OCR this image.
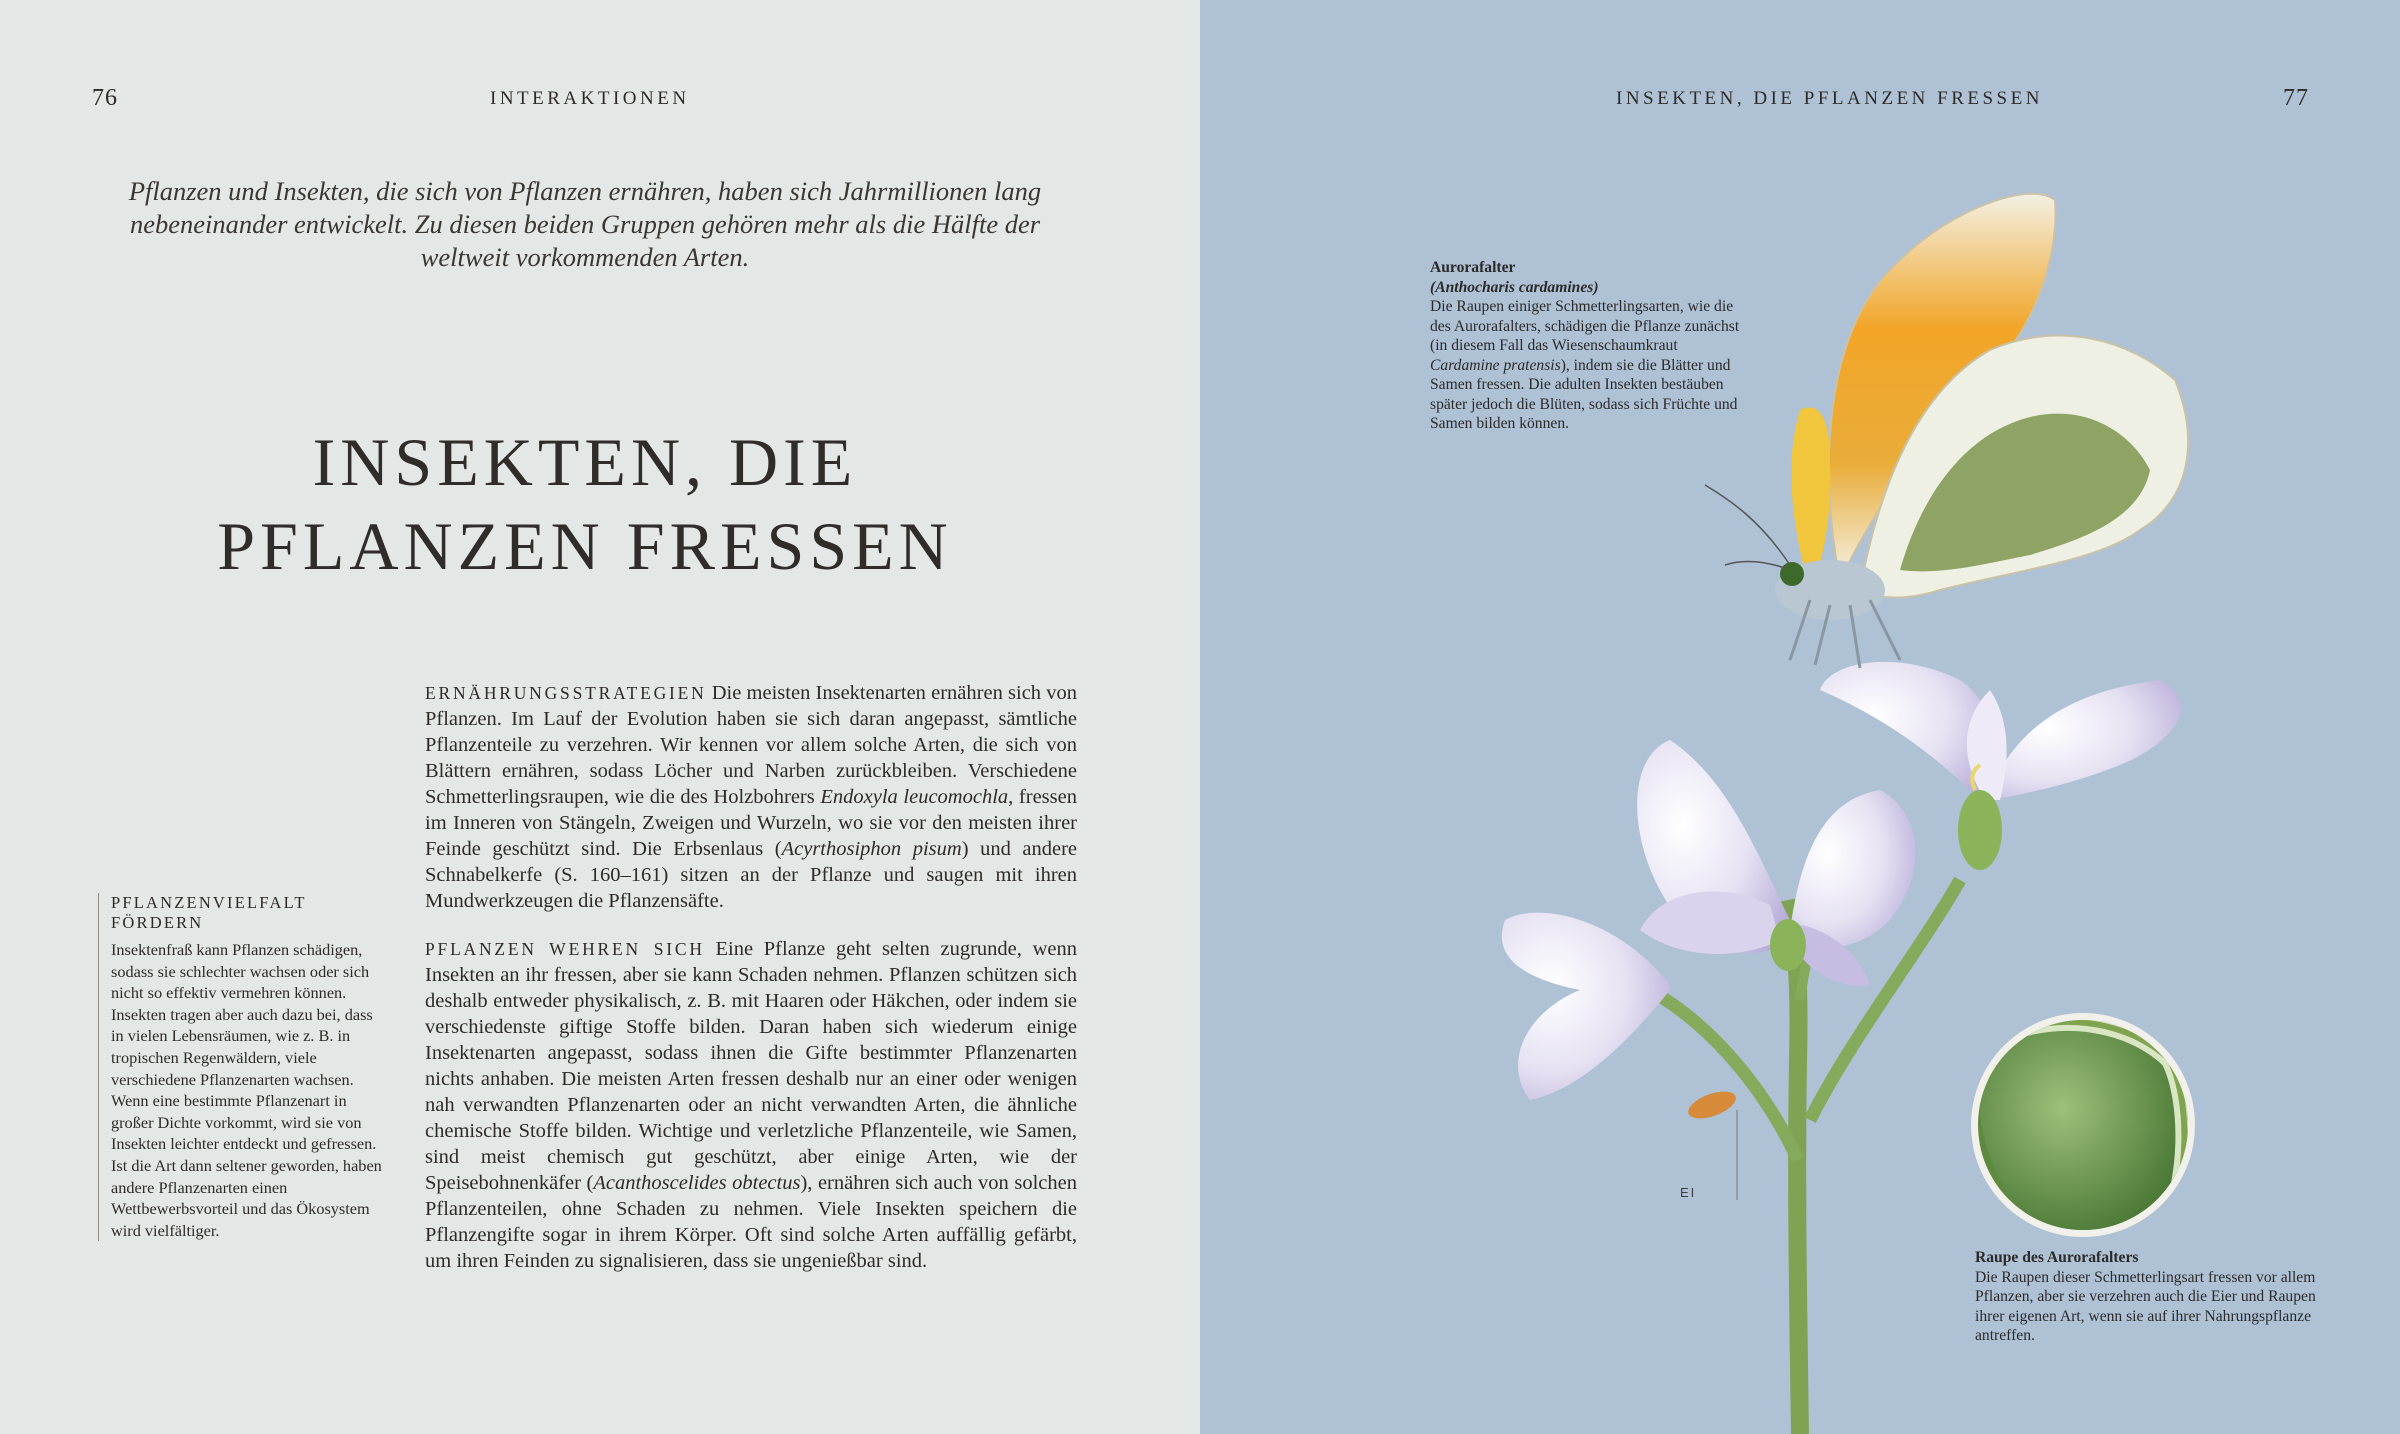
76	INTERAKTIONEN
Pflanzen und Insekten, die sich von Pflanzen ernähren, haben sich Jahrmillionen lang nebeneinander entwickelt. Zu diesen beiden Gruppen gehören mehr als die Hälfte der weltweit vorkommenden Arten.
INSEKTEN, DIE
PFLANZEN FRESSEN
PFLANZENVIELFALT FÖRDERN
Insektenfraß kann Pflanzen schädigen, sodass sie schlechter wachsen oder sich nicht so effektiv vermehren können. Insekten tragen aber auch dazu bei, dass in vielen Lebensräumen, wie z. B. in tropischen Regenwäldern, viele verschiedene Pflanzenarten wachsen. Wenn eine bestimmte Pflanzenart in großer Dichte vorkommt, wird sie von Insekten leichter entdeckt und gefressen. Ist die Art dann seltener geworden, haben andere Pflanzenarten einen Wettbewerbsvorteil und das Ökosystem wird vielfältiger.

ERNÄHRUNGSSTRATEGIEN Die meisten Insektenarten ernähren sich von Pflanzen. Im Lauf der Evolution haben sie sich daran angepasst, sämtliche Pflanzenteile zu verzehren. Wir kennen vor allem solche Arten, die sich von Blättern ernähren, sodass Löcher und Narben zurückbleiben. Verschiedene Schmetterlingsraupen, wie die des Holzbohrers Endoxyla leucomochla, fressen im Inneren von Stängeln, Zweigen und Wurzeln, wo sie vor den meisten ihrer Feinde geschützt sind. Die Erbsenlaus (Acyrthosiphon pisum) und andere Schnabelkerfe (S. 160–161) sitzen an der Pflanze und saugen mit ihren Mundwerkzeugen die Pflanzensäfte.

PFLANZEN WEHREN SICH Eine Pflanze geht selten zugrunde, wenn Insekten an ihr fressen, aber sie kann Schaden nehmen. Pflanzen schützen sich deshalb entweder physikalisch, z. B. mit Haaren oder Häkchen, oder indem sie verschiedenste giftige Stoffe bilden. Daran haben sich wiederum einige Insektenarten angepasst, sodass ihnen die Gifte bestimmter Pflanzenarten nichts anhaben. Die meisten Arten fressen deshalb nur an einer oder wenigen nah verwandten Pflanzenarten oder an nicht verwandten Arten, die ähnliche chemische Stoffe bilden. Wichtige und verletzliche Pflanzenteile, wie Samen, sind meist chemisch gut geschützt, aber einige Arten, wie der Speisebohnenkäfer (Acanthoscelides obtectus), ernähren sich auch von solchen Pflanzenteilen, ohne Schaden zu nehmen. Viele Insekten speichern die Pflanzengifte sogar in ihrem Körper. Oft sind solche Arten auffällig gefärbt, um ihren Feinden zu signalisieren, dass sie ungenießbar sind.

77
INSEKTEN, DIE PFLANZEN FRESSEN
Aurorafalter
(Anthocharis cardamines)
Die Raupen einiger Schmetterlingsarten, wie die des Aurorafalters, schädigen die Pflanze zunächst (in diesem Fall das Wiesenschaumkraut Cardamine pratensis), indem sie die Blätter und Samen fressen. Die adulten Insekten bestäuben später jedoch die Blüten, sodass sich Früchte und Samen bilden können.
Raupe des Aurorafalters
Die Raupen dieser Schmetterlingsart fressen vor allem Pflanzen, aber sie verzehren auch die Eier und Raupen ihrer eigenen Art, wenn sie auf ihrer Nahrungspflanze antreffen.
EI
